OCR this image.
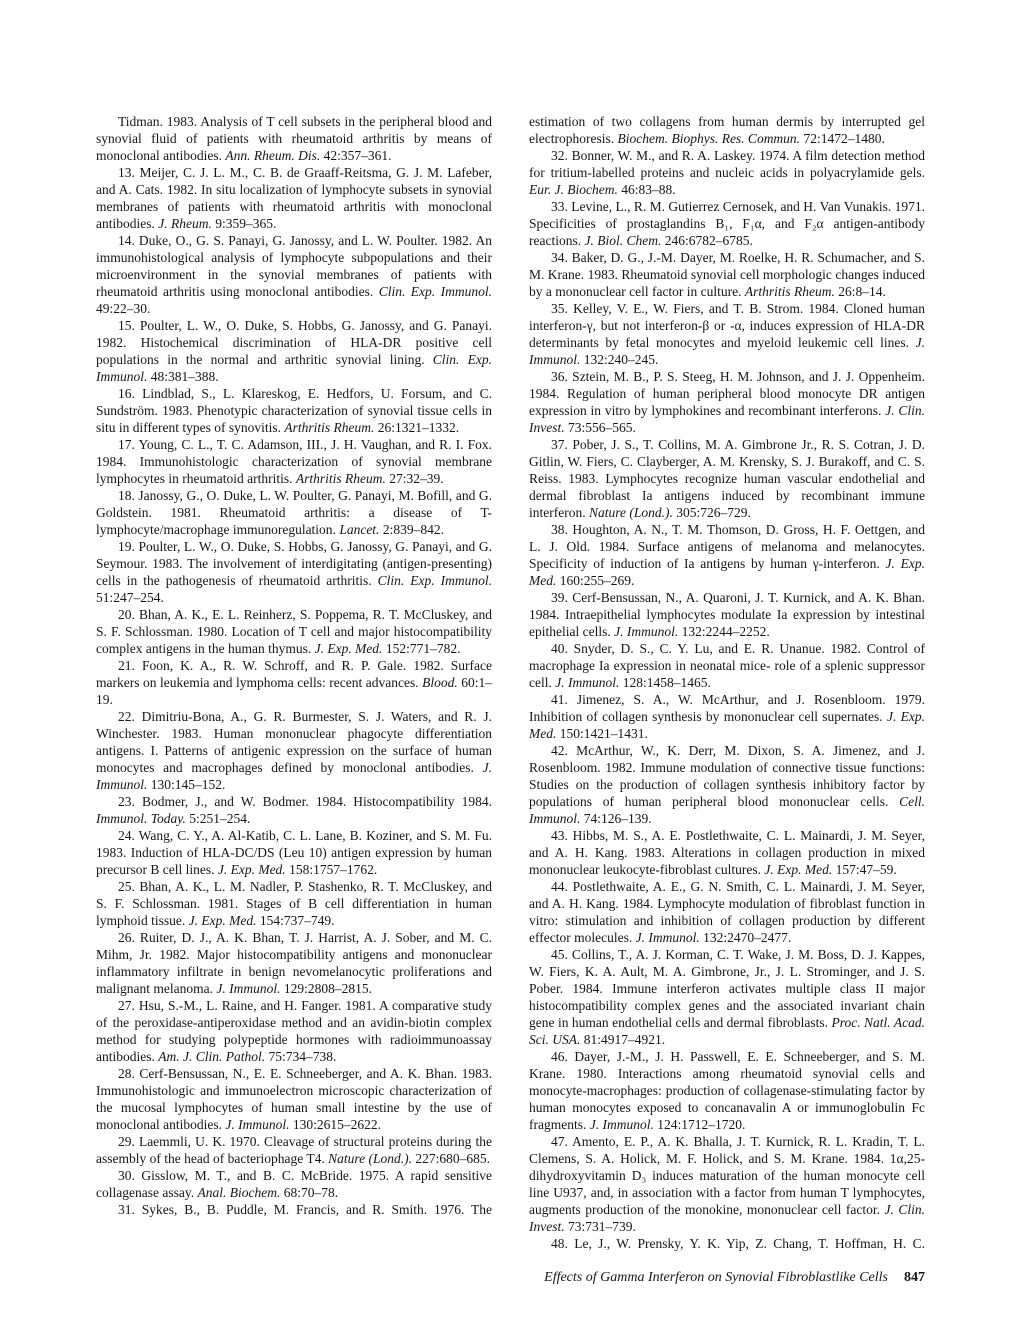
Tidman. 1983. Analysis of T cell subsets in the peripheral blood and synovial fluid of patients with rheumatoid arthritis by means of monoclonal antibodies. Ann. Rheum. Dis. 42:357–361.

13. Meijer, C. J. L. M., C. B. de Graaff-Reitsma, G. J. M. Lafeber, and A. Cats. 1982. In situ localization of lymphocyte subsets in synovial membranes of patients with rheumatoid arthritis with monoclonal antibodies. J. Rheum. 9:359–365.

14. Duke, O., G. S. Panayi, G. Janossy, and L. W. Poulter. 1982. An immunohistological analysis of lymphocyte subpopulations and their microenvironment in the synovial membranes of patients with rheumatoid arthritis using monoclonal antibodies. Clin. Exp. Immunol. 49:22–30.

15. Poulter, L. W., O. Duke, S. Hobbs, G. Janossy, and G. Panayi. 1982. Histochemical discrimination of HLA-DR positive cell populations in the normal and arthritic synovial lining. Clin. Exp. Immunol. 48:381–388.

16. Lindblad, S., L. Klareskog, E. Hedfors, U. Forsum, and C. Sundström. 1983. Phenotypic characterization of synovial tissue cells in situ in different types of synovitis. Arthritis Rheum. 26:1321–1332.

17. Young, C. L., T. C. Adamson, III., J. H. Vaughan, and R. I. Fox. 1984. Immunohistologic characterization of synovial membrane lymphocytes in rheumatoid arthritis. Arthritis Rheum. 27:32–39.

18. Janossy, G., O. Duke, L. W. Poulter, G. Panayi, M. Bofill, and G. Goldstein. 1981. Rheumatoid arthritis: a disease of T-lymphocyte/macrophage immunoregulation. Lancet. 2:839–842.

19. Poulter, L. W., O. Duke, S. Hobbs, G. Janossy, G. Panayi, and G. Seymour. 1983. The involvement of interdigitating (antigen-presenting) cells in the pathogenesis of rheumatoid arthritis. Clin. Exp. Immunol. 51:247–254.

20. Bhan, A. K., E. L. Reinherz, S. Poppema, R. T. McCluskey, and S. F. Schlossman. 1980. Location of T cell and major histocompatibility complex antigens in the human thymus. J. Exp. Med. 152:771–782.

21. Foon, K. A., R. W. Schroff, and R. P. Gale. 1982. Surface markers on leukemia and lymphoma cells: recent advances. Blood. 60:1–19.

22. Dimitriu-Bona, A., G. R. Burmester, S. J. Waters, and R. J. Winchester. 1983. Human mononuclear phagocyte differentiation antigens. I. Patterns of antigenic expression on the surface of human monocytes and macrophages defined by monoclonal antibodies. J. Immunol. 130:145–152.

23. Bodmer, J., and W. Bodmer. 1984. Histocompatibility 1984. Immunol. Today. 5:251–254.

24. Wang, C. Y., A. Al-Katib, C. L. Lane, B. Koziner, and S. M. Fu. 1983. Induction of HLA-DC/DS (Leu 10) antigen expression by human precursor B cell lines. J. Exp. Med. 158:1757–1762.

25. Bhan, A. K., L. M. Nadler, P. Stashenko, R. T. McCluskey, and S. F. Schlossman. 1981. Stages of B cell differentiation in human lymphoid tissue. J. Exp. Med. 154:737–749.

26. Ruiter, D. J., A. K. Bhan, T. J. Harrist, A. J. Sober, and M. C. Mihm, Jr. 1982. Major histocompatibility antigens and mononuclear inflammatory infiltrate in benign nevomelanocytic proliferations and malignant melanoma. J. Immunol. 129:2808–2815.

27. Hsu, S.-M., L. Raine, and H. Fanger. 1981. A comparative study of the peroxidase-antiperoxidase method and an avidin-biotin complex method for studying polypeptide hormones with radioimmunoassay antibodies. Am. J. Clin. Pathol. 75:734–738.

28. Cerf-Bensussan, N., E. E. Schneeberger, and A. K. Bhan. 1983. Immunohistologic and immunoelectron microscopic characterization of the mucosal lymphocytes of human small intestine by the use of monoclonal antibodies. J. Immunol. 130:2615–2622.

29. Laemmli, U. K. 1970. Cleavage of structural proteins during the assembly of the head of bacteriophage T4. Nature (Lond.). 227:680–685.

30. Gisslow, M. T., and B. C. McBride. 1975. A rapid sensitive collagenase assay. Anal. Biochem. 68:70–78.

31. Sykes, B., B. Puddle, M. Francis, and R. Smith. 1976. The

estimation of two collagens from human dermis by interrupted gel electrophoresis. Biochem. Biophys. Res. Commun. 72:1472–1480.

32. Bonner, W. M., and R. A. Laskey. 1974. A film detection method for tritium-labelled proteins and nucleic acids in polyacrylamide gels. Eur. J. Biochem. 46:83–88.

33. Levine, L., R. M. Gutierrez Cernosek, and H. Van Vunakis. 1971. Specificities of prostaglandins B₁, F₁α, and F₂α antigen-antibody reactions. J. Biol. Chem. 246:6782–6785.

34. Baker, D. G., J.-M. Dayer, M. Roelke, H. R. Schumacher, and S. M. Krane. 1983. Rheumatoid synovial cell morphologic changes induced by a mononuclear cell factor in culture. Arthritis Rheum. 26:8–14.

35. Kelley, V. E., W. Fiers, and T. B. Strom. 1984. Cloned human interferon-γ, but not interferon-β or -α, induces expression of HLA-DR determinants by fetal monocytes and myeloid leukemic cell lines. J. Immunol. 132:240–245.

36. Sztein, M. B., P. S. Steeg, H. M. Johnson, and J. J. Oppenheim. 1984. Regulation of human peripheral blood monocyte DR antigen expression in vitro by lymphokines and recombinant interferons. J. Clin. Invest. 73:556–565.

37. Pober, J. S., T. Collins, M. A. Gimbrone Jr., R. S. Cotran, J. D. Gitlin, W. Fiers, C. Clayberger, A. M. Krensky, S. J. Burakoff, and C. S. Reiss. 1983. Lymphocytes recognize human vascular endothelial and dermal fibroblast Ia antigens induced by recombinant immune interferon. Nature (Lond.). 305:726–729.

38. Houghton, A. N., T. M. Thomson, D. Gross, H. F. Oettgen, and L. J. Old. 1984. Surface antigens of melanoma and melanocytes. Specificity of induction of Ia antigens by human γ-interferon. J. Exp. Med. 160:255–269.

39. Cerf-Bensussan, N., A. Quaroni, J. T. Kurnick, and A. K. Bhan. 1984. Intraepithelial lymphocytes modulate Ia expression by intestinal epithelial cells. J. Immunol. 132:2244–2252.

40. Snyder, D. S., C. Y. Lu, and E. R. Unanue. 1982. Control of macrophage Ia expression in neonatal mice- role of a splenic suppressor cell. J. Immunol. 128:1458–1465.

41. Jimenez, S. A., W. McArthur, and J. Rosenbloom. 1979. Inhibition of collagen synthesis by mononuclear cell supernates. J. Exp. Med. 150:1421–1431.

42. McArthur, W., K. Derr, M. Dixon, S. A. Jimenez, and J. Rosenbloom. 1982. Immune modulation of connective tissue functions: Studies on the production of collagen synthesis inhibitory factor by populations of human peripheral blood mononuclear cells. Cell. Immunol. 74:126–139.

43. Hibbs, M. S., A. E. Postlethwaite, C. L. Mainardi, J. M. Seyer, and A. H. Kang. 1983. Alterations in collagen production in mixed mononuclear leukocyte-fibroblast cultures. J. Exp. Med. 157:47–59.

44. Postlethwaite, A. E., G. N. Smith, C. L. Mainardi, J. M. Seyer, and A. H. Kang. 1984. Lymphocyte modulation of fibroblast function in vitro: stimulation and inhibition of collagen production by different effector molecules. J. Immunol. 132:2470–2477.

45. Collins, T., A. J. Korman, C. T. Wake, J. M. Boss, D. J. Kappes, W. Fiers, K. A. Ault, M. A. Gimbrone, Jr., J. L. Strominger, and J. S. Pober. 1984. Immune interferon activates multiple class II major histocompatibility complex genes and the associated invariant chain gene in human endothelial cells and dermal fibroblasts. Proc. Natl. Acad. Sci. USA. 81:4917–4921.

46. Dayer, J.-M., J. H. Passwell, E. E. Schneeberger, and S. M. Krane. 1980. Interactions among rheumatoid synovial cells and monocyte-macrophages: production of collagenase-stimulating factor by human monocytes exposed to concanavalin A or immunoglobulin Fc fragments. J. Immunol. 124:1712–1720.

47. Amento, E. P., A. K. Bhalla, J. T. Kurnick, R. L. Kradin, T. L. Clemens, S. A. Holick, M. F. Holick, and S. M. Krane. 1984. 1α,25-dihydroxyvitamin D₃ induces maturation of the human monocyte cell line U937, and, in association with a factor from human T lymphocytes, augments production of the monokine, mononuclear cell factor. J. Clin. Invest. 73:731–739.

48. Le, J., W. Prensky, Y. K. Yip, Z. Chang, T. Hoffman, H. C.

Effects of Gamma Interferon on Synovial Fibroblastlike Cells 847
